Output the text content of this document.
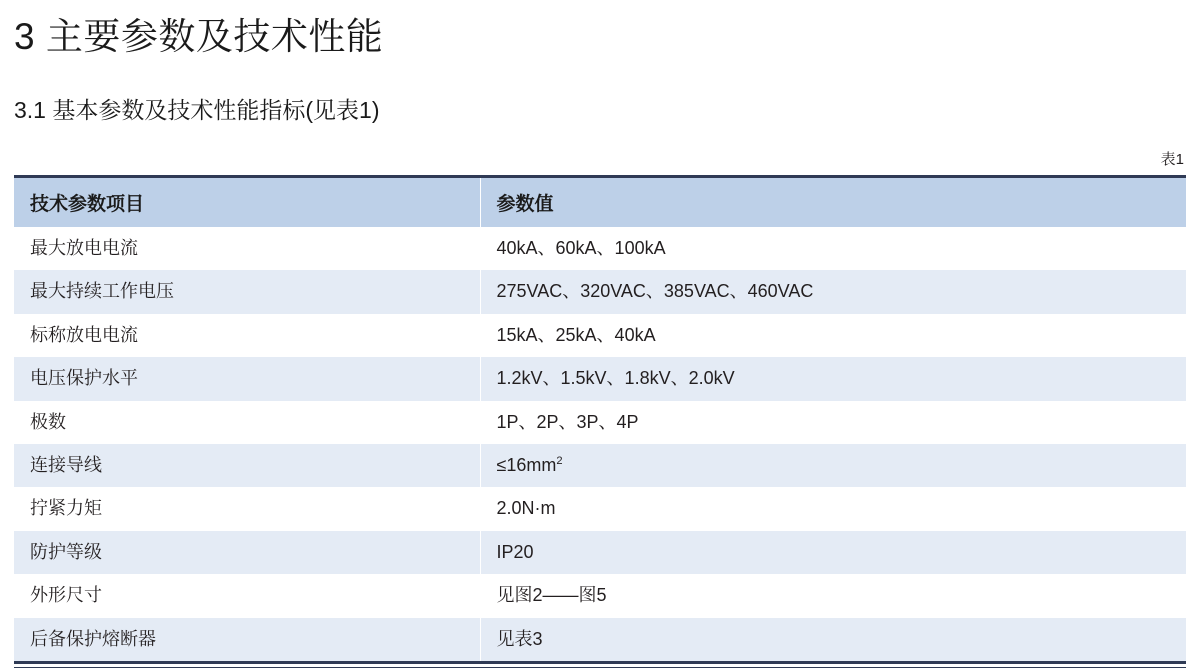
3 主要参数及技术性能
3.1 基本参数及技术性能指标(见表1)
表1
技术参数项目	参数值
最大放电电流	40kA、60kA、100kA
最大持续工作电压	275VAC、320VAC、385VAC、460VAC
标称放电电流	15kA、25kA、40kA
电压保护水平	1.2kV、1.5kV、1.8kV、2.0kV
极数	1P、2P、3P、4P
连接导线	$\le 16mm^2$
拧紧力矩	2.0N·m
防护等级	IP20
外形尺寸	见图2——图5
后备保护熔断器	见表3
